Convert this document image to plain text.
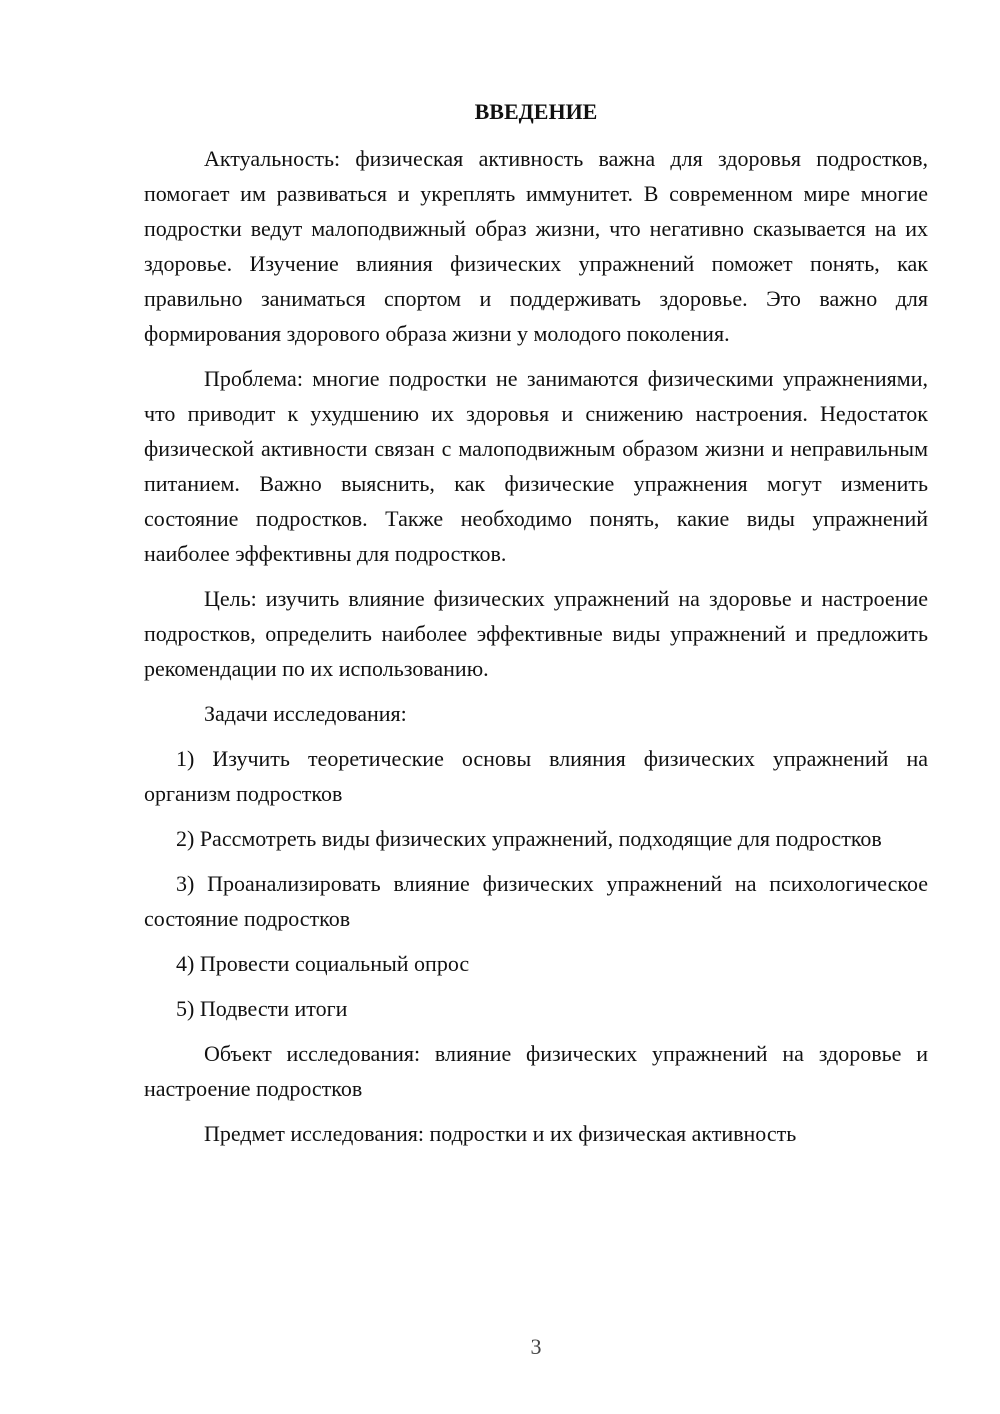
ВВЕДЕНИЕ

Актуальность: физическая активность важна для здоровья подростков, помогает им развиваться и укреплять иммунитет. В современном мире многие подростки ведут малоподвижный образ жизни, что негативно сказывается на их здоровье. Изучение влияния физических упражнений поможет понять, как правильно заниматься спортом и поддерживать здоровье. Это важно для формирования здорового образа жизни у молодого поколения.

Проблема: многие подростки не занимаются физическими упражнениями, что приводит к ухудшению их здоровья и снижению настроения. Недостаток физической активности связан с малоподвижным образом жизни и неправильным питанием. Важно выяснить, как физические упражнения могут изменить состояние подростков. Также необходимо понять, какие виды упражнений наиболее эффективны для подростков.

Цель: изучить влияние физических упражнений на здоровье и настроение подростков, определить наиболее эффективные виды упражнений и предложить рекомендации по их использованию.

Задачи исследования:

1) Изучить теоретические основы влияния физических упражнений на организм подростков

2) Рассмотреть виды физических упражнений, подходящие для подростков

3) Проанализировать влияние физических упражнений на психологическое состояние подростков

4) Провести социальный опрос

5) Подвести итоги

Объект исследования: влияние физических упражнений на здоровье и настроение подростков

Предмет исследования: подростки и их физическая активность

3
